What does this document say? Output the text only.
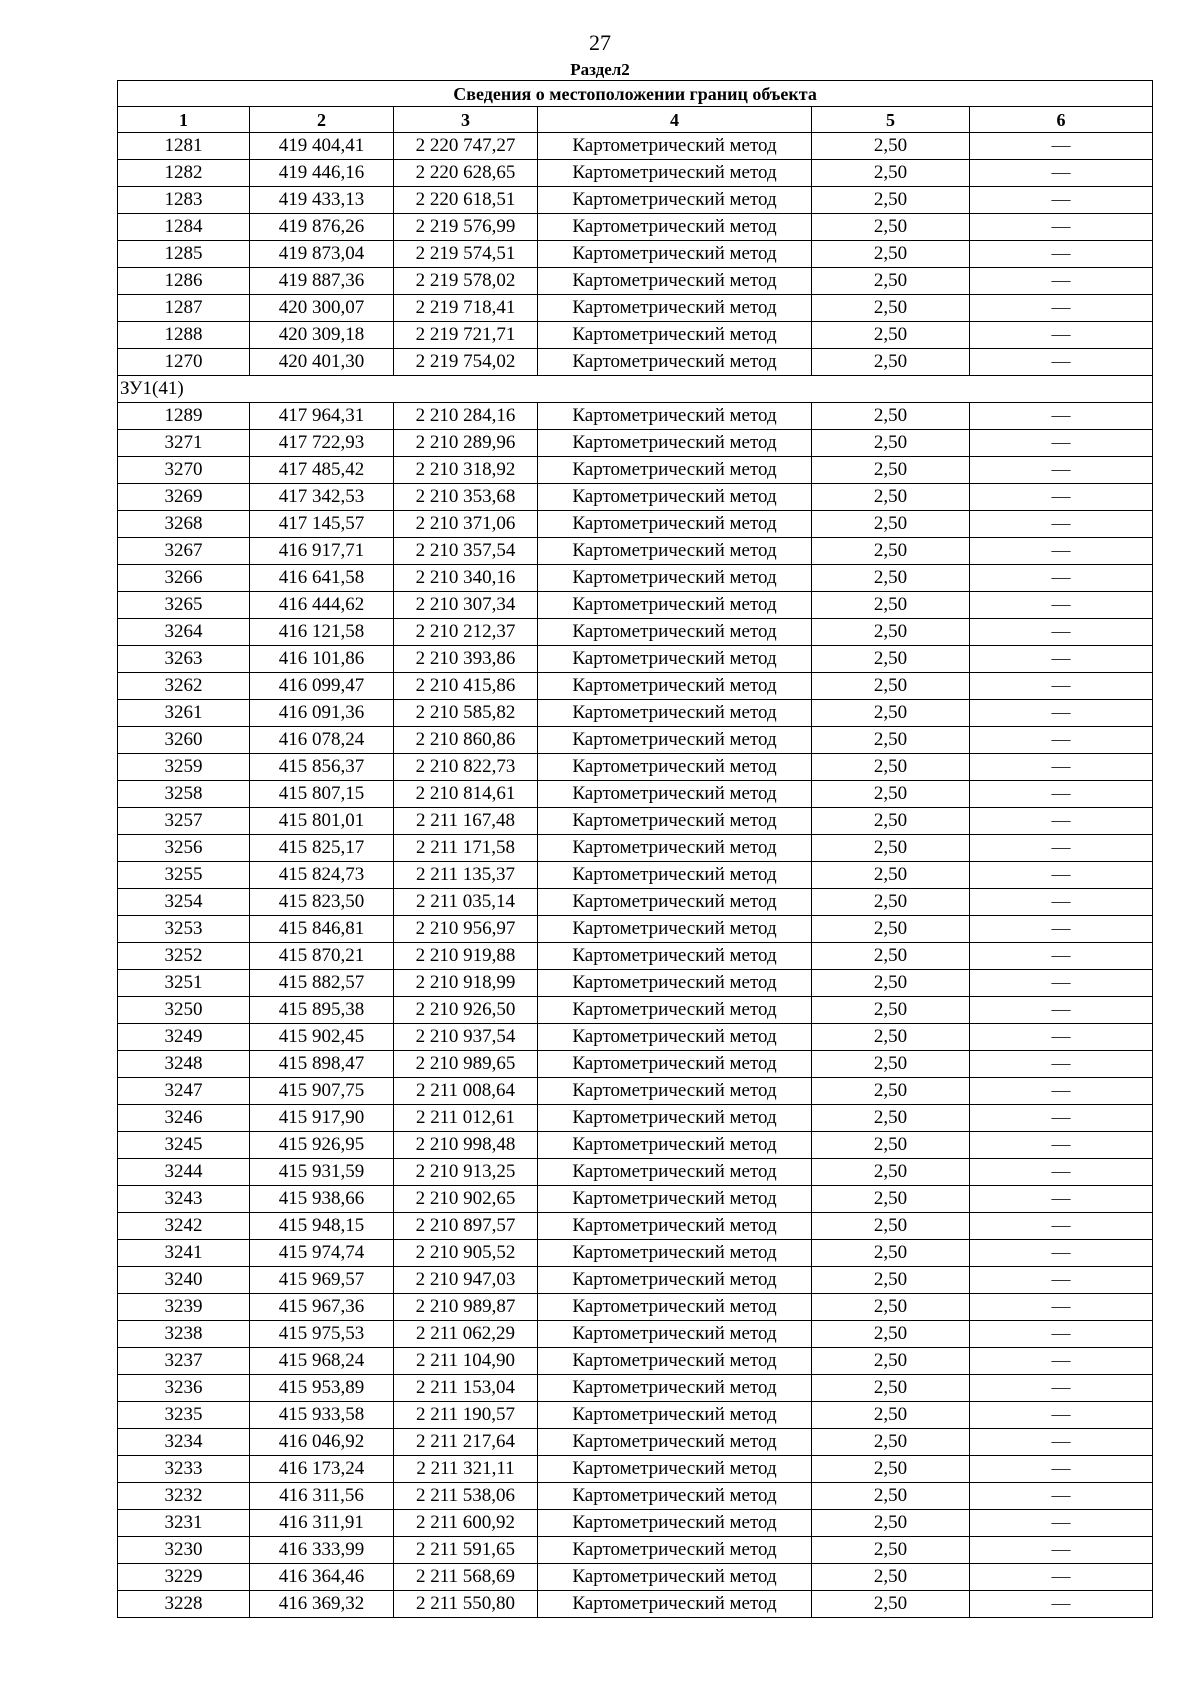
27
Раздел2
Сведения о местоположении границ объекта					
1	2	3	4	5	6
1281	419 404,41	2 220 747,27	Картометрический метод	2,50	—
1282	419 446,16	2 220 628,65	Картометрический метод	2,50	—
1283	419 433,13	2 220 618,51	Картометрический метод	2,50	—
1284	419 876,26	2 219 576,99	Картометрический метод	2,50	—
1285	419 873,04	2 219 574,51	Картометрический метод	2,50	—
1286	419 887,36	2 219 578,02	Картометрический метод	2,50	—
1287	420 300,07	2 219 718,41	Картометрический метод	2,50	—
1288	420 309,18	2 219 721,71	Картометрический метод	2,50	—
1270	420 401,30	2 219 754,02	Картометрический метод	2,50	—
ЗУ1(41)					
1289	417 964,31	2 210 284,16	Картометрический метод	2,50	—
3271	417 722,93	2 210 289,96	Картометрический метод	2,50	—
3270	417 485,42	2 210 318,92	Картометрический метод	2,50	—
3269	417 342,53	2 210 353,68	Картометрический метод	2,50	—
3268	417 145,57	2 210 371,06	Картометрический метод	2,50	—
3267	416 917,71	2 210 357,54	Картометрический метод	2,50	—
3266	416 641,58	2 210 340,16	Картометрический метод	2,50	—
3265	416 444,62	2 210 307,34	Картометрический метод	2,50	—
3264	416 121,58	2 210 212,37	Картометрический метод	2,50	—
3263	416 101,86	2 210 393,86	Картометрический метод	2,50	—
3262	416 099,47	2 210 415,86	Картометрический метод	2,50	—
3261	416 091,36	2 210 585,82	Картометрический метод	2,50	—
3260	416 078,24	2 210 860,86	Картометрический метод	2,50	—
3259	415 856,37	2 210 822,73	Картометрический метод	2,50	—
3258	415 807,15	2 210 814,61	Картометрический метод	2,50	—
3257	415 801,01	2 211 167,48	Картометрический метод	2,50	—
3256	415 825,17	2 211 171,58	Картометрический метод	2,50	—
3255	415 824,73	2 211 135,37	Картометрический метод	2,50	—
3254	415 823,50	2 211 035,14	Картометрический метод	2,50	—
3253	415 846,81	2 210 956,97	Картометрический метод	2,50	—
3252	415 870,21	2 210 919,88	Картометрический метод	2,50	—
3251	415 882,57	2 210 918,99	Картометрический метод	2,50	—
3250	415 895,38	2 210 926,50	Картометрический метод	2,50	—
3249	415 902,45	2 210 937,54	Картометрический метод	2,50	—
3248	415 898,47	2 210 989,65	Картометрический метод	2,50	—
3247	415 907,75	2 211 008,64	Картометрический метод	2,50	—
3246	415 917,90	2 211 012,61	Картометрический метод	2,50	—
3245	415 926,95	2 210 998,48	Картометрический метод	2,50	—
3244	415 931,59	2 210 913,25	Картометрический метод	2,50	—
3243	415 938,66	2 210 902,65	Картометрический метод	2,50	—
3242	415 948,15	2 210 897,57	Картометрический метод	2,50	—
3241	415 974,74	2 210 905,52	Картометрический метод	2,50	—
3240	415 969,57	2 210 947,03	Картометрический метод	2,50	—
3239	415 967,36	2 210 989,87	Картометрический метод	2,50	—
3238	415 975,53	2 211 062,29	Картометрический метод	2,50	—
3237	415 968,24	2 211 104,90	Картометрический метод	2,50	—
3236	415 953,89	2 211 153,04	Картометрический метод	2,50	—
3235	415 933,58	2 211 190,57	Картометрический метод	2,50	—
3234	416 046,92	2 211 217,64	Картометрический метод	2,50	—
3233	416 173,24	2 211 321,11	Картометрический метод	2,50	—
3232	416 311,56	2 211 538,06	Картометрический метод	2,50	—
3231	416 311,91	2 211 600,92	Картометрический метод	2,50	—
3230	416 333,99	2 211 591,65	Картометрический метод	2,50	—
3229	416 364,46	2 211 568,69	Картометрический метод	2,50	—
3228	416 369,32	2 211 550,80	Картометрический метод	2,50	—
